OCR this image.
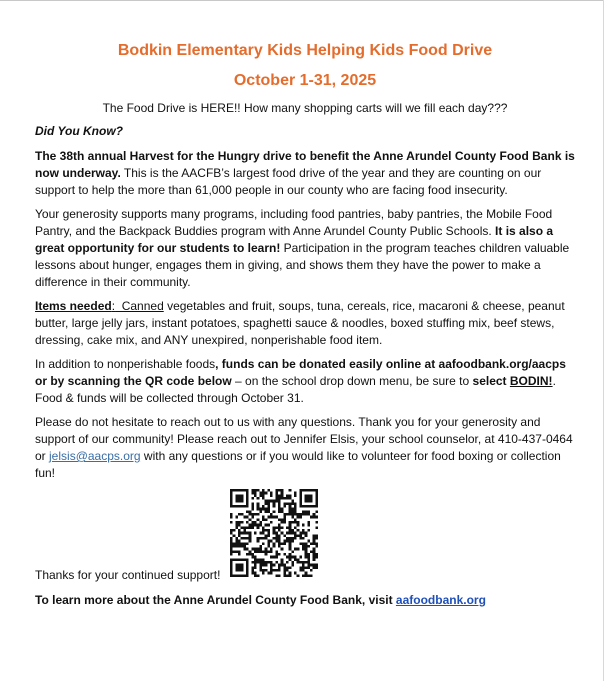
Bodkin Elementary Kids Helping Kids Food Drive
October 1-31, 2025

The Food Drive is HERE!! How many shopping carts will we fill each day???

Did You Know?

The 38th annual Harvest for the Hungry drive to benefit the Anne Arundel County Food Bank is now underway. This is the AACFB’s largest food drive of the year and they are counting on our support to help the more than 61,000 people in our county who are facing food insecurity.

Your generosity supports many programs, including food pantries, baby pantries, the Mobile Food Pantry, and the Backpack Buddies program with Anne Arundel County Public Schools. It is also a great opportunity for our students to learn! Participation in the program teaches children valuable lessons about hunger, engages them in giving, and shows them they have the power to make a difference in their community.

Items needed:  Canned vegetables and fruit, soups, tuna, cereals, rice, macaroni & cheese, peanut butter, large jelly jars, instant potatoes, spaghetti sauce & noodles, boxed stuffing mix, beef stews, dressing, cake mix, and ANY unexpired, nonperishable food item.

In addition to nonperishable foods, funds can be donated easily online at aafoodbank.org/aacps or by scanning the QR code below – on the school drop down menu, be sure to select BODIN!. Food & funds will be collected through October 31.

Please do not hesitate to reach out to us with any questions. Thank you for your generosity and support of our community! Please reach out to Jennifer Elsis, your school counselor, at 410-437-0464 or jelsis@aacps.org with any questions or if you would like to volunteer for food boxing or collection fun!

Thanks for your continued support!

To learn more about the Anne Arundel County Food Bank, visit aafoodbank.org
